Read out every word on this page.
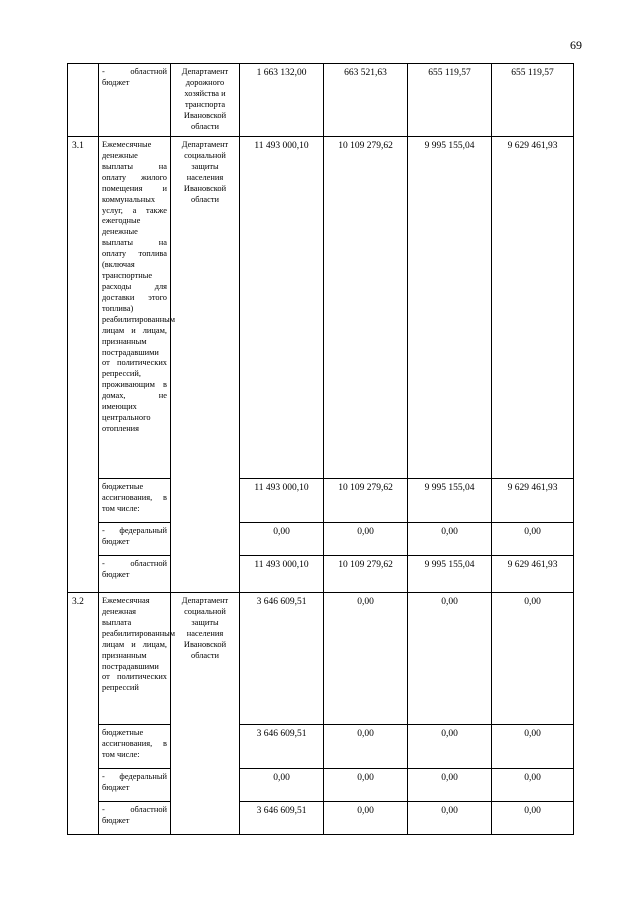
69

	- областной бюджет	Департамент дорожного хозяйства и транспорта Ивановской области	1 663 132,00	663 521,63	655 119,57	655 119,57
3.1	Ежемесячные денежные выплаты на оплату жилого помещения и коммунальных услуг, а также ежегодные денежные выплаты на оплату топлива (включая транспортные расходы для доставки этого топлива) реабилитированным лицам и лицам, признанным пострадавшими от политических репрессий, проживающим в домах, не имеющих центрального отопления	Департамент социальной защиты населения Ивановской области	11 493 000,10	10 109 279,62	9 995 155,04	9 629 461,93

	бюджетные ассигнования, в том числе:		11 493 000,10	10 109 279,62	9 995 155,04	9 629 461,93

	- федеральный бюджет		0,00	0,00	0,00	0,00

	- областной бюджет		11 493 000,10	10 109 279,62	9 995 155,04	9 629 461,93
3.2	Ежемесячная денежная выплата реабилитированным лицам и лицам, признанным пострадавшими от политических репрессий	Департамент социальной защиты населения Ивановской области	3 646 609,51	0,00	0,00	0,00

	бюджетные ассигнования, в том числе:		3 646 609,51	0,00	0,00	0,00

	- федеральный бюджет		0,00	0,00	0,00	0,00

	- областной бюджет		3 646 609,51	0,00	0,00	0,00
